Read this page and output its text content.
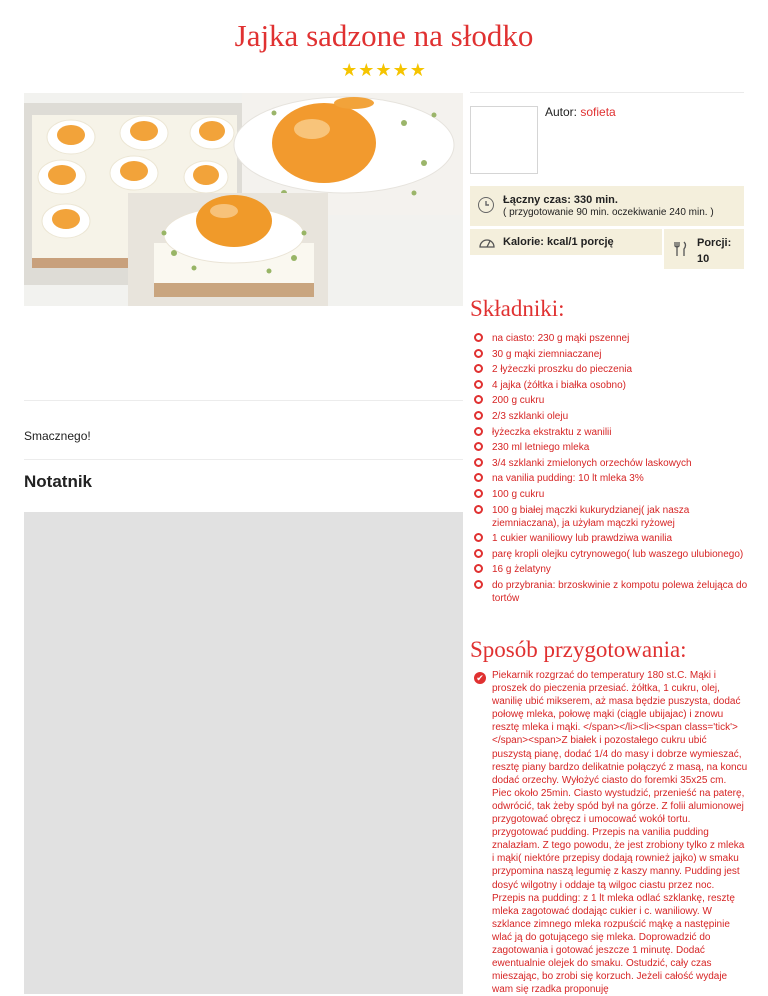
Jajka sadzone na słodko
★★★★★
Smacznego!
Notatnik
Autor: sofieta
Łączny czas: 330 min.
( przygotowanie 90 min. oczekiwanie 240 min. )
Kalorie: kcal/1 porcję	Porcji:
10
Składniki:
na ciasto: 230 g mąki pszennej
30 g mąki ziemniaczanej
2 łyżeczki proszku do pieczenia
4 jajka (żółtka i białka osobno)
200 g cukru
2/3 szklanki oleju
łyżeczka ekstraktu z wanilii
230 ml letniego mleka
3/4 szklanki zmielonych orzechów laskowych
na vanilia pudding: 10 lt mleka 3%
100 g cukru
100 g białej mączki kukurydzianej( jak nasza ziemniaczana), ja użyłam mączki ryżowej
1 cukier waniliowy lub prawdziwa wanilia
parę kropli olejku cytrynowego( lub waszego ulubionego)
16 g żelatyny
do przybrania: brzoskwinie z kompotu polewa żelująca do tortów
Sposób przygotowania:
✔ Piekarnik rozgrzać do temperatury 180 st.C. Mąki i proszek do pieczenia przesiać. żółtka, 1 cukru, olej, wanilię ubić mikserem, aż masa będzie puszysta, dodać połowę mleka, połowę mąki (ciągle ubijajac) i znowu resztę mleka i mąki. </span></li><li><span class='tick'></span><span>Z białek i pozostałego cukru ubić puszystą pianę, dodać 1/4 do masy i dobrze wymieszać, resztę piany bardzo delikatnie połączyć z masą, na koncu dodać orzechy. Wyłożyć ciasto do foremki 35x25 cm. Piec około 25min. Ciasto wystudzić, przenieść na paterę, odwrócić, tak żeby spód był na górze. Z folii alumionowej przygotować obręcz i umocować wokół tortu. przygotować pudding. Przepis na vanilia pudding znalazłam. Z tego powodu, że jest zrobiony tylko z mleka i mąki( niektóre przepisy dodają rownież jajko) w smaku przypomina naszą legumię z kaszy manny. Pudding jest dosyć wilgotny i oddaje tą wilgoc ciastu przez noc. Przepis na pudding: z 1 lt mleka odlać szklankę, resztę mleka zagotować dodając cukier i c. waniliowy. W szklance zimnego mleka rozpuścić mąkę a następinie wlać ją do gotującego się mleka. Doprowadzić do zagotowania i gotować jeszcze 1 minutę. Dodać ewentualnie olejek do smaku. Ostudzić, cały czas mieszając, bo zrobi się korzuch. Jeżeli całość wydaje wam się rzadka proponuję
